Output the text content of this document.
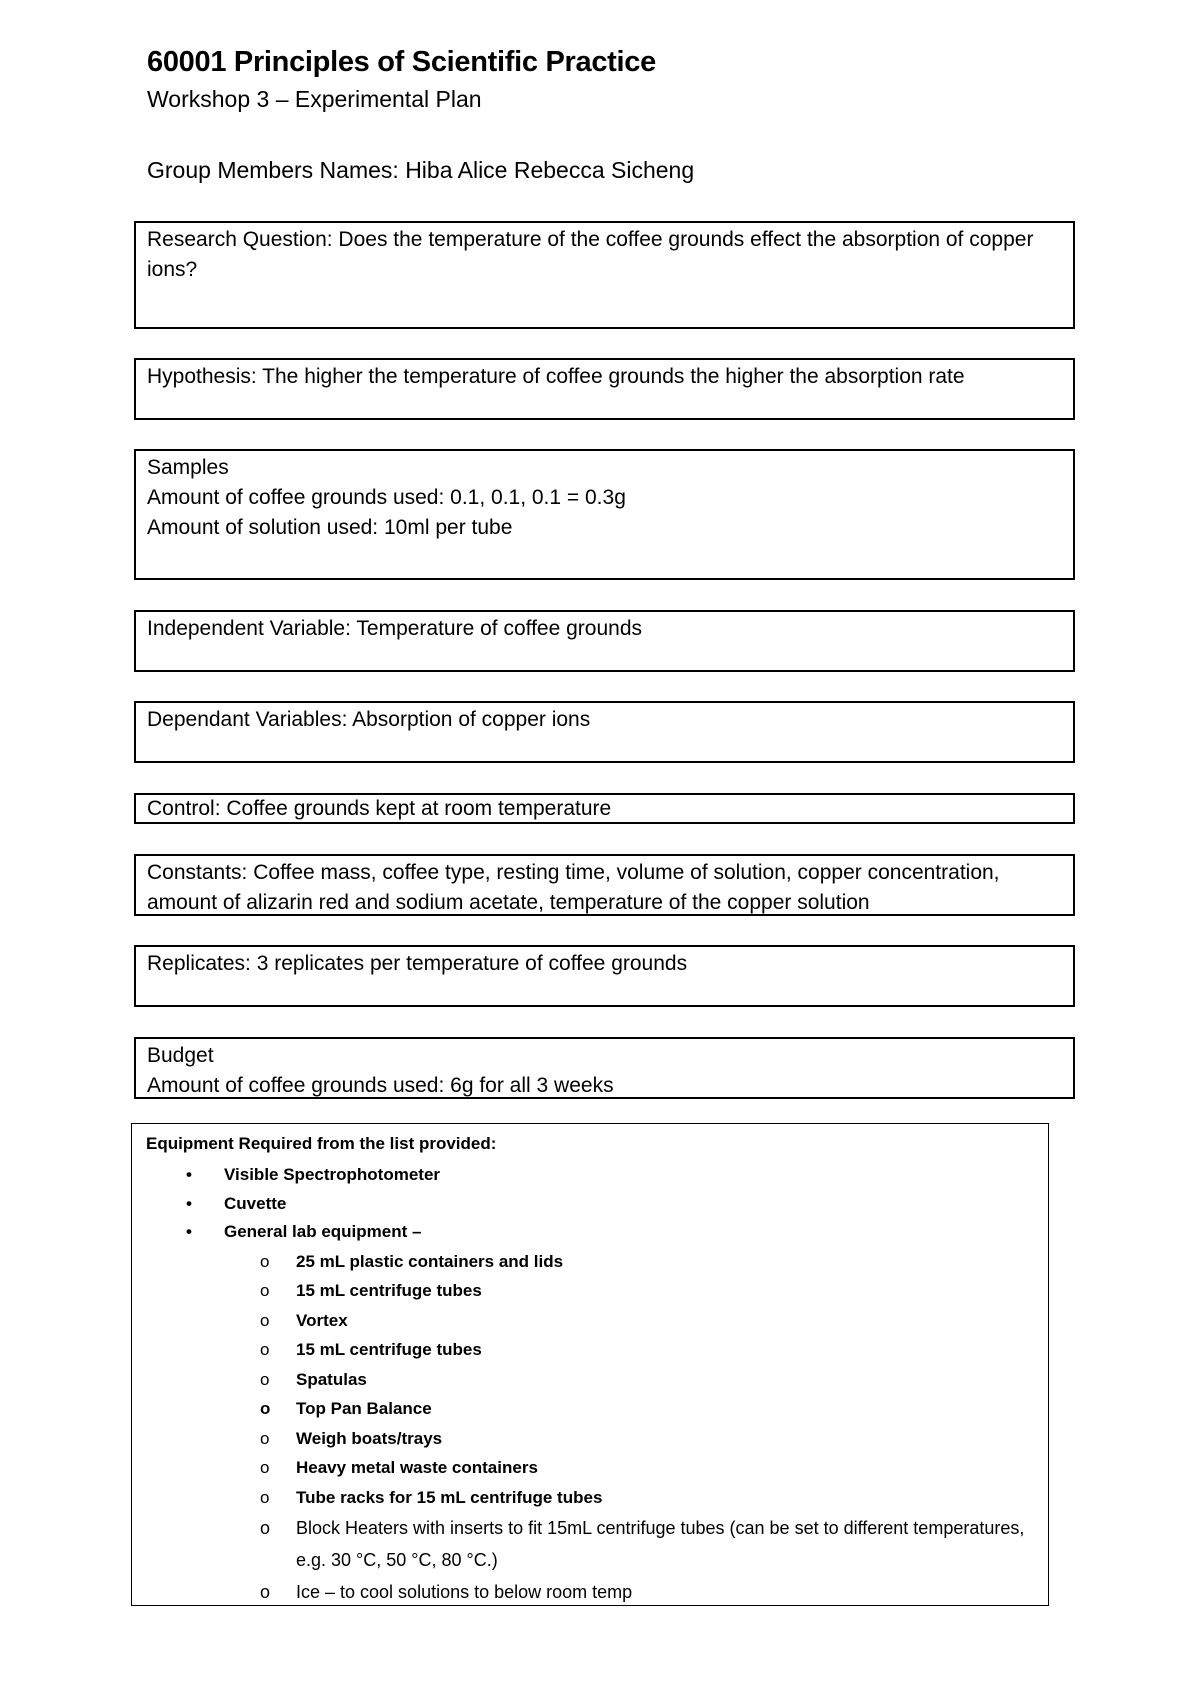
60001 Principles of Scientific Practice
Workshop 3 – Experimental Plan
Group Members Names: Hiba Alice Rebecca Sicheng

Research Question: Does the temperature of the coffee grounds effect the absorption of copper ions?

Hypothesis: The higher the temperature of coffee grounds the higher the absorption rate

Samples

Amount of coffee grounds used: 0.1, 0.1, 0.1 = 0.3g

Amount of solution used: 10ml per tube

Independent Variable: Temperature of coffee grounds

Dependant Variables: Absorption of copper ions

Control: Coffee grounds kept at room temperature

Constants: Coffee mass, coffee type, resting time, volume of solution, copper concentration, amount of alizarin red and sodium acetate, temperature of the copper solution

Replicates: 3 replicates per temperature of coffee grounds

Budget

Amount of coffee grounds used: 6g for all 3 weeks

Equipment Required from the list provided:

• Visible Spectrophotometer
• Cuvette
• General lab equipment –
o 25 mL plastic containers and lids
o 15 mL centrifuge tubes
o Vortex
o 15 mL centrifuge tubes
o Spatulas
o Top Pan Balance
o Weigh boats/trays
o Heavy metal waste containers
o Tube racks for 15 mL centrifuge tubes
o Block Heaters with inserts to fit 15mL centrifuge tubes (can be set to different temperatures, e.g. 30 °C, 50 °C, 80 °C.)
o Ice – to cool solutions to below room temp
